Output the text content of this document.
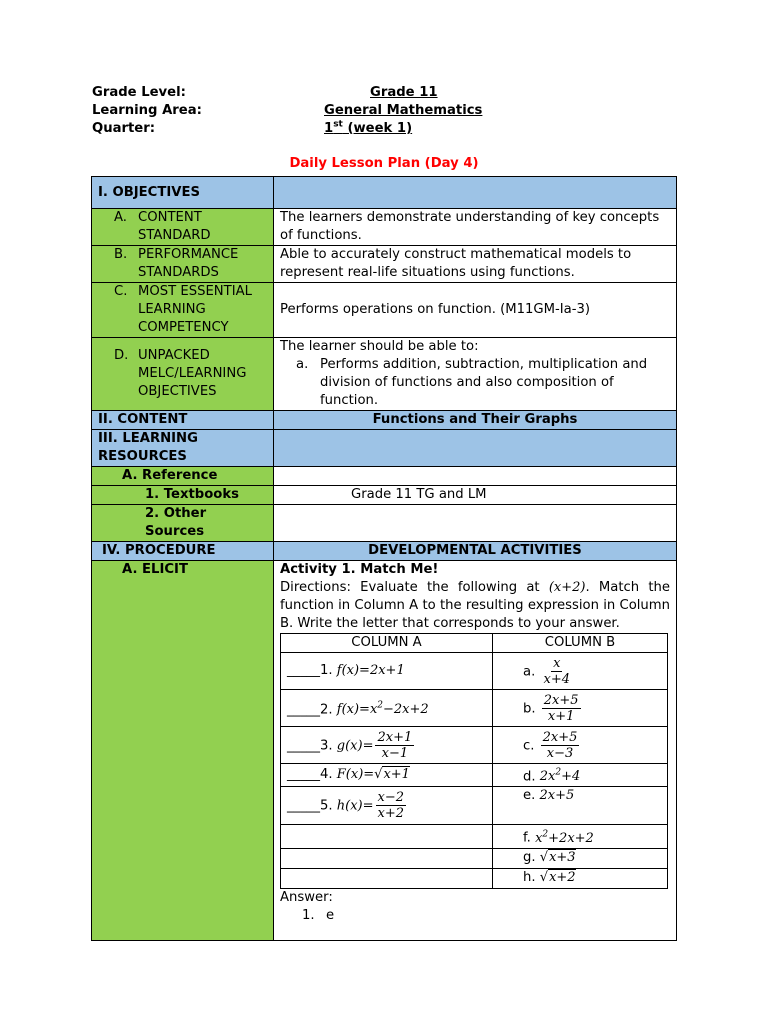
Grade Level:	Grade 11
Learning Area:	General Mathematics
Quarter:	1st (week 1)
Daily Lesson Plan (Day 4)
I. OBJECTIVES	

A. CONTENT STANDARD
	The learners demonstrate understanding of key concepts of functions.

B. PERFORMANCE STANDARDS
	Able to accurately construct mathematical models to represent real-life situations using functions.

C. MOST ESSENTIAL LEARNING COMPETENCY
	Performs operations on function. (M11GM-Ia-3)

D. UNPACKED MELC/LEARNING OBJECTIVES

The learner should be able to:
a. Performs addition, subtraction, multiplication and division of functions and also composition of function.

II. CONTENT	Functions and Their Graphs

III. LEARNING RESOURCES

A. Reference	
1. Textbooks	Grade 11 TG and LM

2. Other Sources

IV. PROCEDURE	DEVELOPMENTAL ACTIVITIES
A. ELICIT	Activity 1. Match Me!
Directions: Evaluate the following at (x+2). Match the function in Column A to the resulting expression in Column B. Write the letter that corresponds to your answer.
COLUMN A	COLUMN B
_____1. f(x)=2x+1	a. $\frac{x}{x+4}$

_____2. $f(x)=x^2-2x+2$	b. $\frac{2x+5}{x+1}$

_____3. $g(x)= \frac{2x+1}{x-1}$	c. $\frac{2x+5}{x-3}$

_____4. F(x)=√x+1	d. $2x^2+4$
_____5. $h(x)= \frac{x-2}{x+2}$	e. 2x+5
	f. $x^2+2x+2$
	g. √x+3
	h. √x+2
Answer:
1. e
